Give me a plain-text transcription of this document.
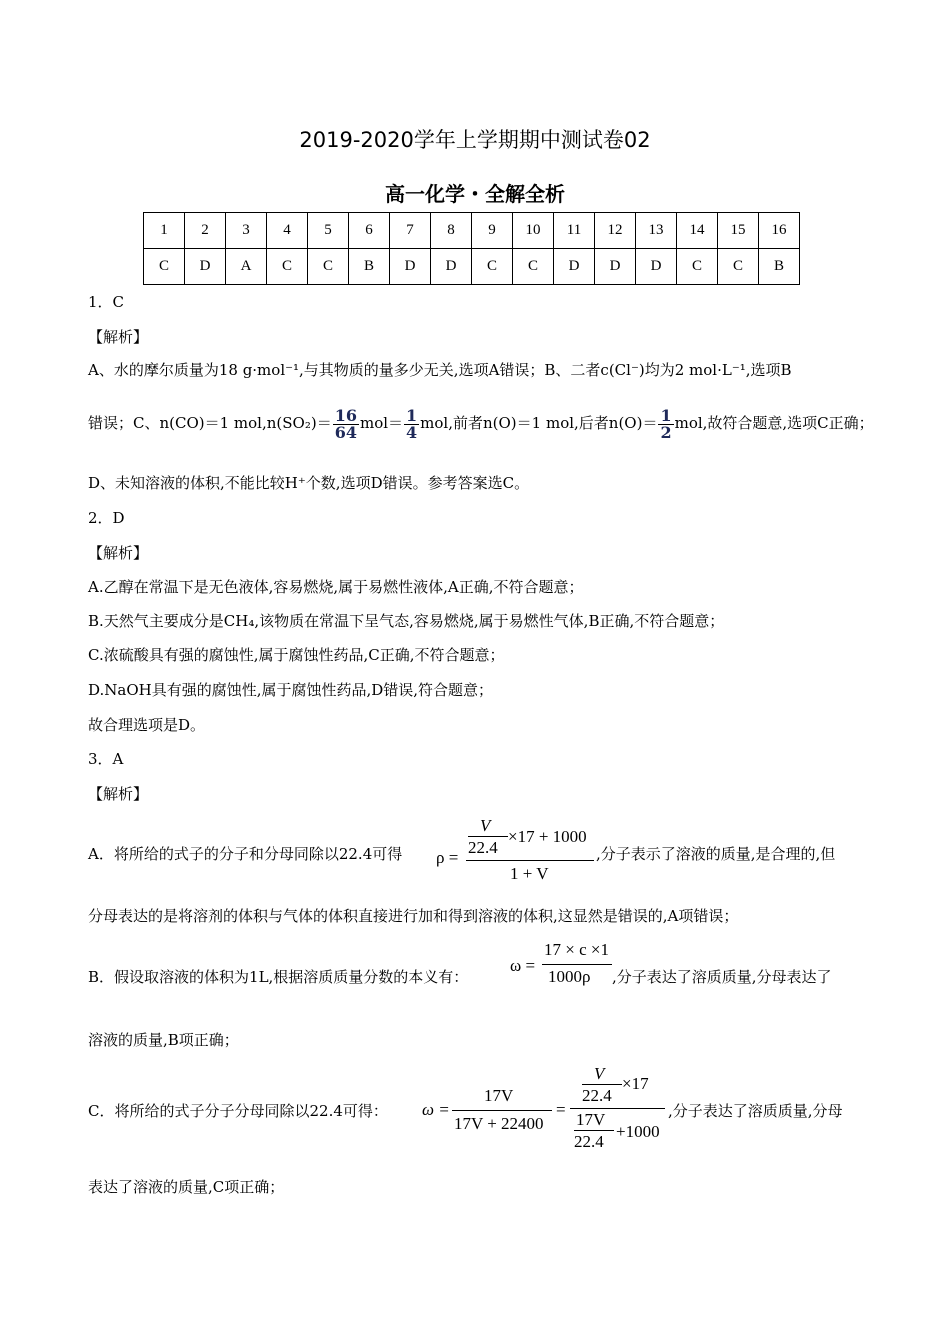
2019-2020学年上学期期中测试卷02
高一化学・全解全析
1	2	3	4	5	6	7	8	9	10	11	12	13	14	15	16
C	D	A	C	C	B	D	D	C	C	D	D	D	C	C	B
1．C
【解析】
A、水的摩尔质量为18 g·mol⁻¹,与其物质的量多少无关,选项A错误；B、二者c(Cl⁻)均为2 mol·L⁻¹,选项B
错误；C、n(CO)＝1 $mol,n(SO_2)= \frac{16}{64} mol= \frac{1}{4}$ mol,前者n(O)＝1 mol,后者$n(O)= \frac{1}{2}$ mol,故符合题意,选项C正确；
D、未知溶液的体积,不能比较H⁺个数,选项D错误。参考答案选C。
2．D
【解析】
A.乙醇在常温下是无色液体,容易燃烧,属于易燃性液体,A正确,不符合题意；
B.天然气主要成分是CH₄,该物质在常温下呈气态,容易燃烧,属于易燃性气体,B正确,不符合题意；
C.浓硫酸具有强的腐蚀性,属于腐蚀性药品,C正确,不符合题意；
D.NaOH具有强的腐蚀性,属于腐蚀性药品,D错误,符合题意；
故合理选项是D。
3．A
【解析】
A．将所给的式子的分子和分母同除以22.4可得 ρ =
V
22.4
×17 + 1000
1 + V
,分子表示了溶液的质量,是合理的,但
分母表达的是将溶剂的体积与气体的体积直接进行加和得到溶液的体积,这显然是错误的,A项错误；
B．假设取溶液的体积为1L,根据溶质质量分数的本义有：
ω =
17 × c ×1
1000ρ ,分子表达了溶质质量,分母表达了
溶液的质量,B项正确；
C．将所给的式子分子分母同除以22.4可得： ω =
17V
17V + 22400
=
V
22.4
×17
17V
22.4
+1000
,分子表达了溶质质量,分母
表达了溶液的质量,C项正确；
